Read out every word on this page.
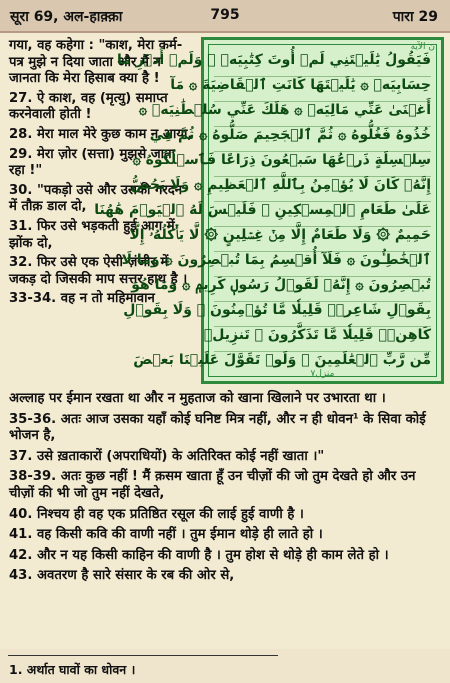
795
सूरा 69, अल-हाक़्क़ा	पारा 29

गया, वह कहेगा : "काश, मेरा कर्म-पत्र मुझे न दिया जाता और मैं न जानता कि मेरा हिसाब क्या है !

27. ऐ काश, वह (मृत्यु) समाप्त करनेवाली होती !

28. मेरा माल मेरे कुछ काम न आया,

29. मेरा ज़ोर (सत्ता) मुझसे जाता रहा !"

30. "पकड़ो उसे और उसकी गरदन में तौक़ डाल दो,

31. फिर उसे भड़कती हुई आग में झोंक दो,

32. फिर उसे एक ऐसी ज़ंजीर में जकड़ दो जिसकी माप सत्तर हाथ है ।

33-34. वह न तो महिमावान

ن الآية
فَيَقُولُ يَٰلَيۡتَنِي لَمۡ أُوتَ كِتَٰبِيَهۡ ۞ وَلَمۡ أَدۡرِ مَا
حِسَابِيَهۡ ۞ يَٰلَيۡتَهَا كَانَتِ ٱلۡقَاضِيَةَ ۞ مَآ
أَغۡنَىٰ عَنِّي مَالِيَهۡ ۞ هَلَكَ عَنِّي سُلۡطَٰنِيَهۡ ۞
خُذُوهُ فَغُلُّوهُ ۞ ثُمَّ ٱلۡجَحِيمَ صَلُّوهُ ۞ ثُمَّ فِي
سِلۡسِلَةٍ ذَرۡعُهَا سَبۡعُونَ ذِرَاعًا فَٱسۡلُكُوهُ ۞
إِنَّهُۥ كَانَ لَا يُؤۡمِنُ بِٱللَّهِ ٱلۡعَظِيمِ ۞ وَلَا يَحُضُّ
عَلَىٰ طَعَامِ ٱلۡمِسۡكِينِ ۞ فَلَيۡسَ لَهُ ٱلۡيَوۡمَ هَٰهُنَا
حَمِيمٌ ۞ وَلَا طَعَامٌ إِلَّا مِنۡ غِسۡلِينٍ ۞ لَّا يَأۡكُلُهُۥٓ إِلَّا
ٱلۡخَٰطِـُٔونَ ۞ فَلَآ أُقۡسِمُ بِمَا تُبۡصِرُونَ ۞ وَمَا لَا
تُبۡصِرُونَ ۞ إِنَّهُۥ لَقَوۡلُ رَسُولٖ كَرِيمٖ ۞ وَمَا هُوَ
بِقَوۡلِ شَاعِرٖۚ قَلِيلٗا مَّا تُؤۡمِنُونَ ۞ وَلَا بِقَوۡلِ
كَاهِنٖۚ قَلِيلٗا مَّا تَذَكَّرُونَ ۞ تَنزِيلٞ
مِّن رَّبِّ ٱلۡعَٰلَمِينَ ۞ وَلَوۡ تَقَوَّلَ عَلَيۡنَا بَعۡضَ
منزل٧

अल्लाह पर ईमान रखता था और न मुहताज को खाना खिलाने पर उभारता था ।

35-36. अतः आज उसका यहाँ कोई घनिष्ट मित्र नहीं, और न ही धोवन¹ के सिवा कोई भोजन है,

37. उसे ख़ताकारों (अपराधियों) के अतिरिक्त कोई नहीं खाता ।"

38-39. अतः कुछ नहीं ! मैं क़सम खाता हूँ उन चीज़ों की जो तुम देखते हो और उन चीज़ों की भी जो तुम नहीं देखते,

40. निश्चय ही वह एक प्रतिष्ठित रसूल की लाई हुई वाणी है ।

41. वह किसी कवि की वाणी नहीं । तुम ईमान थोड़े ही लाते हो ।

42. और न यह किसी काहिन की वाणी है । तुम होश से थोड़े ही काम लेते हो ।

43. अवतरण है सारे संसार के रब की ओर से,

1. अर्थात घावों का धोवन ।
